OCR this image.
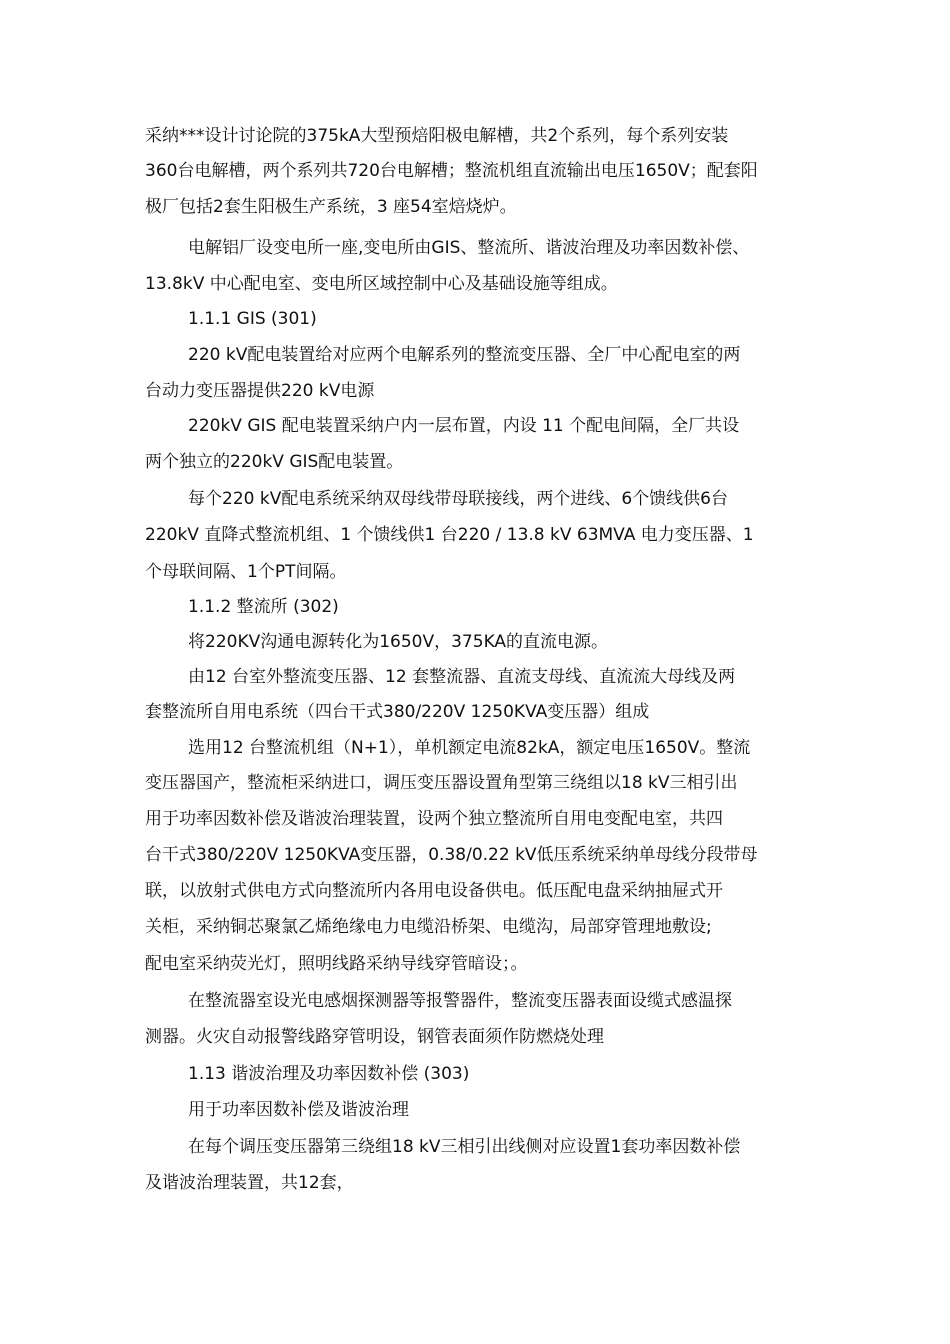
采纳***设计讨论院的375kA大型预焙阳极电解槽，共2个系列，每个系列安装
360台电解槽，两个系列共720台电解槽；整流机组直流输出电压1650V；配套阳
极厂包括2套生阳极生产系统，3 座54室焙烧炉。
电解铝厂设变电所一座,变电所由GIS、整流所、谐波治理及功率因数补偿、
13.8kV 中心配电室、变电所区域控制中心及基础设施等组成。
1.1.1 GIS (301)
220 kV配电装置给对应两个电解系列的整流变压器、全厂中心配电室的两
台动力变压器提供220 kV电源
220kV GIS 配电装置采纳户内一层布置，内设 11 个配电间隔，全厂共设
两个独立的220kV GIS配电装置。
每个220 kV配电系统采纳双母线带母联接线，两个进线、6个馈线供6台
220kV 直降式整流机组、1 个馈线供1 台220 / 13.8 kV 63MVA 电力变压器、1
个母联间隔、1个PT间隔。
1.1.2 整流所 (302)
将220KV沟通电源转化为1650V，375KA的直流电源。
由12 台室外整流变压器、12 套整流器、直流支母线、直流流大母线及两
套整流所自用电系统（四台干式380/220V 1250KVA变压器）组成
选用12 台整流机组（N+1），单机额定电流82kA，额定电压1650V。整流
变压器国产，整流柜采纳进口，调压变压器设置角型第三绕组以18 kV三相引出
用于功率因数补偿及谐波治理装置，设两个独立整流所自用电变配电室，共四
台干式380/220V 1250KVA变压器，0.38/0.22 kV低压系统采纳单母线分段带母
联，以放射式供电方式向整流所内各用电设备供电。低压配电盘采纳抽屉式开
关柜，采纳铜芯聚氯乙烯绝缘电力电缆沿桥架、电缆沟，局部穿管理地敷设;
配电室采纳荧光灯，照明线路采纳导线穿管暗设；。
在整流器室设光电感烟探测器等报警器件，整流变压器表面设缆式感温探
测器。火灾自动报警线路穿管明设，钢管表面须作防燃烧处理
1.13 谐波治理及功率因数补偿 (303)
用于功率因数补偿及谐波治理
在每个调压变压器第三绕组18 kV三相引出线侧对应设置1套功率因数补偿
及谐波治理装置，共12套，
